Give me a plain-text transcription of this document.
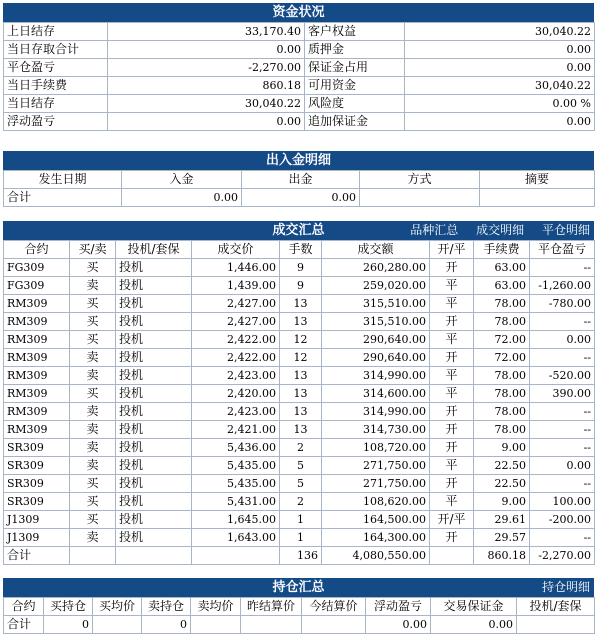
资金状况
上日结存	33,170.40	客户权益	30,040.22
当日存取合计	0.00	质押金	0.00
平仓盈亏	-2,270.00	保证金占用	0.00
当日手续费	860.18	可用资金	30,040.22
当日结存	30,040.22	风险度	0.00 %
浮动盈亏	0.00	追加保证金	0.00
出入金明细
发生日期	入金	出金	方式	摘要
合计	0.00	0.00		
成交汇总	品种汇总 成交明细 平仓明细
合约	买/卖	投机/套保	成交价	手数	成交额	开/平	手续费	平仓盈亏
FG309	买	投机	1,446.00	9	260,280.00	开	63.00	--
FG309	卖	投机	1,439.00	9	259,020.00	平	63.00	-1,260.00
RM309	买	投机	2,427.00	13	315,510.00	平	78.00	-780.00
RM309	买	投机	2,427.00	13	315,510.00	开	78.00	--
RM309	买	投机	2,422.00	12	290,640.00	平	72.00	0.00
RM309	卖	投机	2,422.00	12	290,640.00	开	72.00	--
RM309	卖	投机	2,423.00	13	314,990.00	平	78.00	-520.00
RM309	买	投机	2,420.00	13	314,600.00	平	78.00	390.00
RM309	卖	投机	2,423.00	13	314,990.00	开	78.00	--
RM309	卖	投机	2,421.00	13	314,730.00	开	78.00	--
SR309	卖	投机	5,436.00	2	108,720.00	开	9.00	--
SR309	卖	投机	5,435.00	5	271,750.00	平	22.50	0.00
SR309	买	投机	5,435.00	5	271,750.00	开	22.50	--
SR309	买	投机	5,431.00	2	108,620.00	平	9.00	100.00
J1309	买	投机	1,645.00	1	164,500.00	开/平	29.61	-200.00
J1309	卖	投机	1,643.00	1	164,300.00	开	29.57	--
合计				136	4,080,550.00		860.18	-2,270.00
持仓汇总	持仓明细
合约	买持仓	买均价	卖持仓	卖均价	昨结算价	今结算价	浮动盈亏	交易保证金	投机/套保
合计	0		0				0.00	0.00	
